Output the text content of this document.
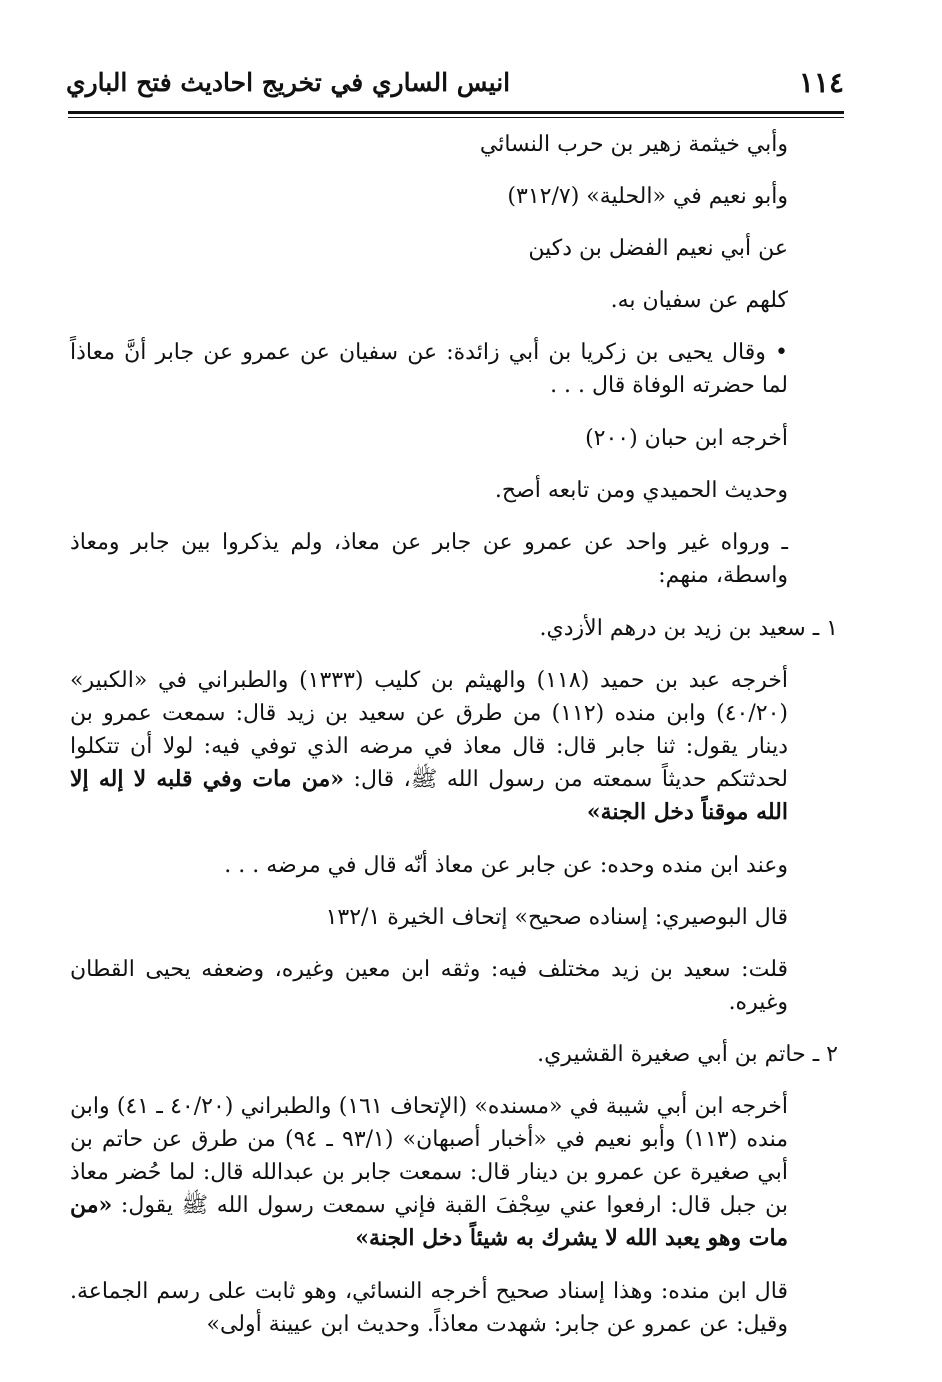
١١٤
انيس الساري في تخريج احاديث فتح الباري

وأبي خيثمة زهير بن حرب النسائي

وأبو نعيم في «الحلية» (٣١٢/٧)

عن أبي نعيم الفضل بن دكين

كلهم عن سفيان به.

• وقال يحيى بن زكريا بن أبي زائدة: عن سفيان عن عمرو عن جابر أنَّ معاذاً لما حضرته الوفاة قال . . .

أخرجه ابن حبان (٢٠٠)

وحديث الحميدي ومن تابعه أصح.

ـ ورواه غير واحد عن عمرو عن جابر عن معاذ، ولم يذكروا بين جابر ومعاذ واسطة، منهم:

١ ـ سعيد بن زيد بن درهم الأزدي.

أخرجه عبد بن حميد (١١٨) والهيثم بن كليب (١٣٣٣) والطبراني في «الكبير» (٤٠/٢٠) وابن منده (١١٢) من طرق عن سعيد بن زيد قال: سمعت عمرو بن دينار يقول: ثنا جابر قال: قال معاذ في مرضه الذي توفي فيه: لولا أن تتكلوا لحدثتكم حديثاً سمعته من رسول الله ﷺ، قال: «من مات وفي قلبه لا إله إلا الله موقناً دخل الجنة»

وعند ابن منده وحده: عن جابر عن معاذ أنّه قال في مرضه . . .

قال البوصيري: إسناده صحيح» إتحاف الخيرة ١٣٢/١

قلت: سعيد بن زيد مختلف فيه: وثقه ابن معين وغيره، وضعفه يحيى القطان وغيره.

٢ ـ حاتم بن أبي صغيرة القشيري.

أخرجه ابن أبي شيبة في «مسنده» (الإتحاف ١٦١) والطبراني (٤٠/٢٠ ـ ٤١) وابن منده (١١٣) وأبو نعيم في «أخبار أصبهان» (٩٣/١ ـ ٩٤) من طرق عن حاتم بن أبي صغيرة عن عمرو بن دينار قال: سمعت جابر بن عبدالله قال: لما حُضر معاذ بن جبل قال: ارفعوا عني سِجْفَ القبة فإني سمعت رسول الله ﷺ يقول: «من مات وهو يعبد الله لا يشرك به شيئاً دخل الجنة»

قال ابن منده: وهذا إسناد صحيح أخرجه النسائي، وهو ثابت على رسم الجماعة. وقيل: عن عمرو عن جابر: شهدت معاذاً. وحديث ابن عيينة أولى»
